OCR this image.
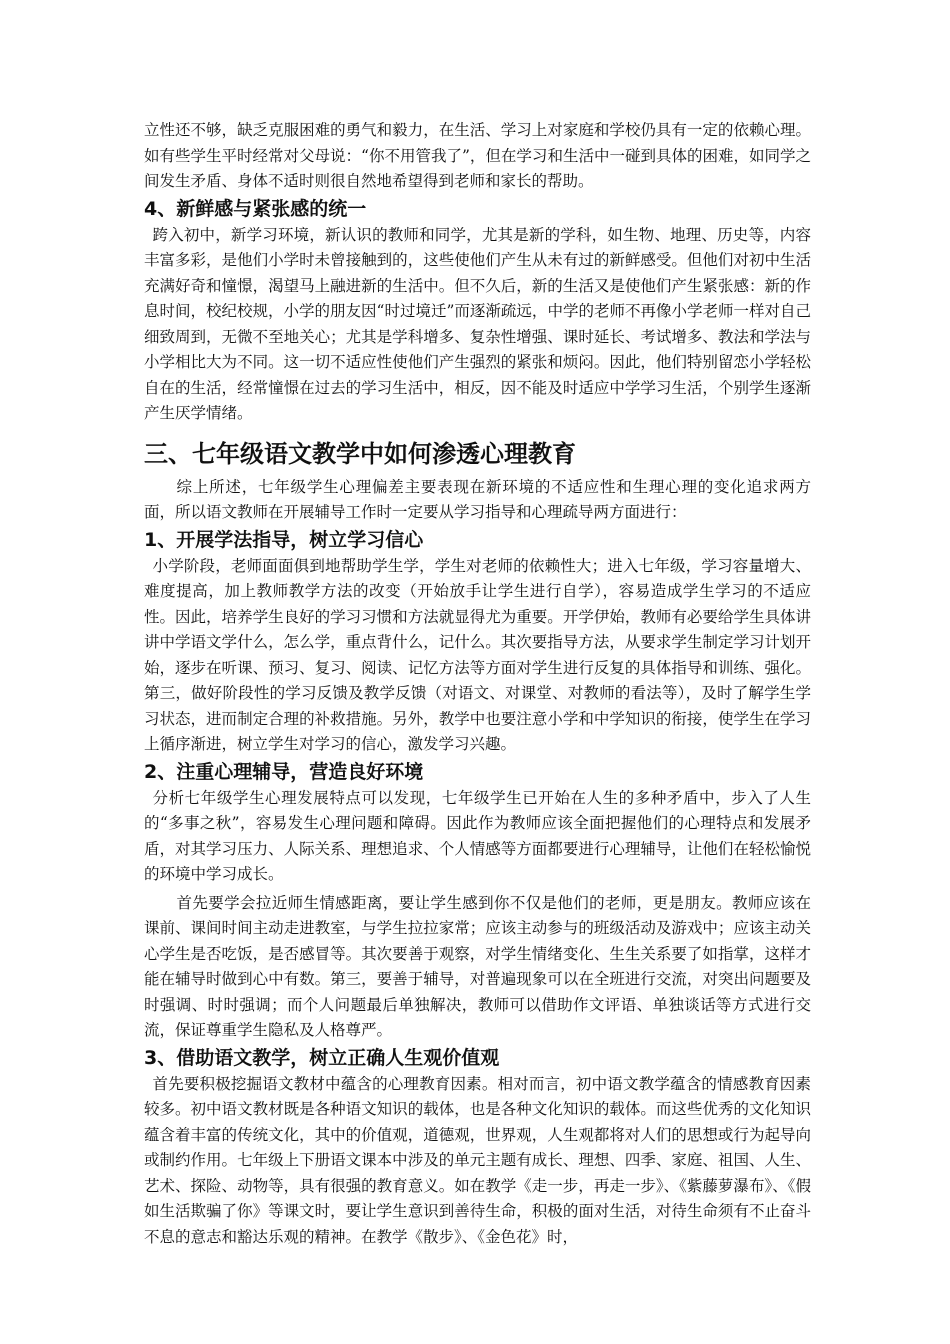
立性还不够，缺乏克服困难的勇气和毅力，在生活、学习上对家庭和学校仍具有一定的依赖心理。如有些学生平时经常对父母说：“你不用管我了”，但在学习和生活中一碰到具体的困难，如同学之间发生矛盾、身体不适时则很自然地希望得到老师和家长的帮助。

4、新鲜感与紧张感的统一

跨入初中，新学习环境，新认识的教师和同学，尤其是新的学科，如生物、地理、历史等，内容丰富多彩，是他们小学时未曾接触到的，这些使他们产生从未有过的新鲜感受。但他们对初中生活充满好奇和憧憬，渴望马上融进新的生活中。但不久后，新的生活又是使他们产生紧张感：新的作息时间，校纪校规，小学的朋友因“时过境迁”而逐渐疏远，中学的老师不再像小学老师一样对自己细致周到，无微不至地关心；尤其是学科增多、复杂性增强、课时延长、考试增多、教法和学法与小学相比大为不同。这一切不适应性使他们产生强烈的紧张和烦闷。因此，他们特别留恋小学轻松自在的生活，经常憧憬在过去的学习生活中，相反，因不能及时适应中学学习生活，个别学生逐渐产生厌学情绪。

三、七年级语文教学中如何渗透心理教育

综上所述，七年级学生心理偏差主要表现在新环境的不适应性和生理心理的变化追求两方面，所以语文教师在开展辅导工作时一定要从学习指导和心理疏导两方面进行：

1、开展学法指导，树立学习信心

小学阶段，老师面面俱到地帮助学生学，学生对老师的依赖性大；进入七年级，学习容量增大、难度提高，加上教师教学方法的改变（开始放手让学生进行自学），容易造成学生学习的不适应性。因此，培养学生良好的学习习惯和方法就显得尤为重要。开学伊始，教师有必要给学生具体讲讲中学语文学什么，怎么学，重点背什么，记什么。其次要指导方法，从要求学生制定学习计划开始，逐步在听课、预习、复习、阅读、记忆方法等方面对学生进行反复的具体指导和训练、强化。第三，做好阶段性的学习反馈及教学反馈（对语文、对课堂、对教师的看法等），及时了解学生学习状态，进而制定合理的补救措施。另外，教学中也要注意小学和中学知识的衔接，使学生在学习上循序渐进，树立学生对学习的信心，激发学习兴趣。

2、注重心理辅导，营造良好环境

分析七年级学生心理发展特点可以发现，七年级学生已开始在人生的多种矛盾中，步入了人生的“多事之秋”，容易发生心理问题和障碍。因此作为教师应该全面把握他们的心理特点和发展矛盾，对其学习压力、人际关系、理想追求、个人情感等方面都要进行心理辅导，让他们在轻松愉悦的环境中学习成长。

首先要学会拉近师生情感距离，要让学生感到你不仅是他们的老师，更是朋友。教师应该在课前、课间时间主动走进教室，与学生拉拉家常；应该主动参与的班级活动及游戏中；应该主动关心学生是否吃饭，是否感冒等。其次要善于观察，对学生情绪变化、生生关系要了如指掌，这样才能在辅导时做到心中有数。第三，要善于辅导，对普遍现象可以在全班进行交流，对突出问题要及时强调、时时强调；而个人问题最后单独解决，教师可以借助作文评语、单独谈话等方式进行交流，保证尊重学生隐私及人格尊严。

3、借助语文教学，树立正确人生观价值观

首先要积极挖掘语文教材中蕴含的心理教育因素。相对而言，初中语文教学蕴含的情感教育因素较多。初中语文教材既是各种语文知识的载体，也是各种文化知识的载体。而这些优秀的文化知识蕴含着丰富的传统文化，其中的价值观，道德观，世界观，人生观都将对人们的思想或行为起导向或制约作用。七年级上下册语文课本中涉及的单元主题有成长、理想、四季、家庭、祖国、人生、艺术、探险、动物等，具有很强的教育意义。如在教学《走一步，再走一步》、《紫藤萝瀑布》、《假如生活欺骗了你》等课文时，要让学生意识到善待生命，积极的面对生活，对待生命须有不止奋斗不息的意志和豁达乐观的精神。在教学《散步》、《金色花》时，
